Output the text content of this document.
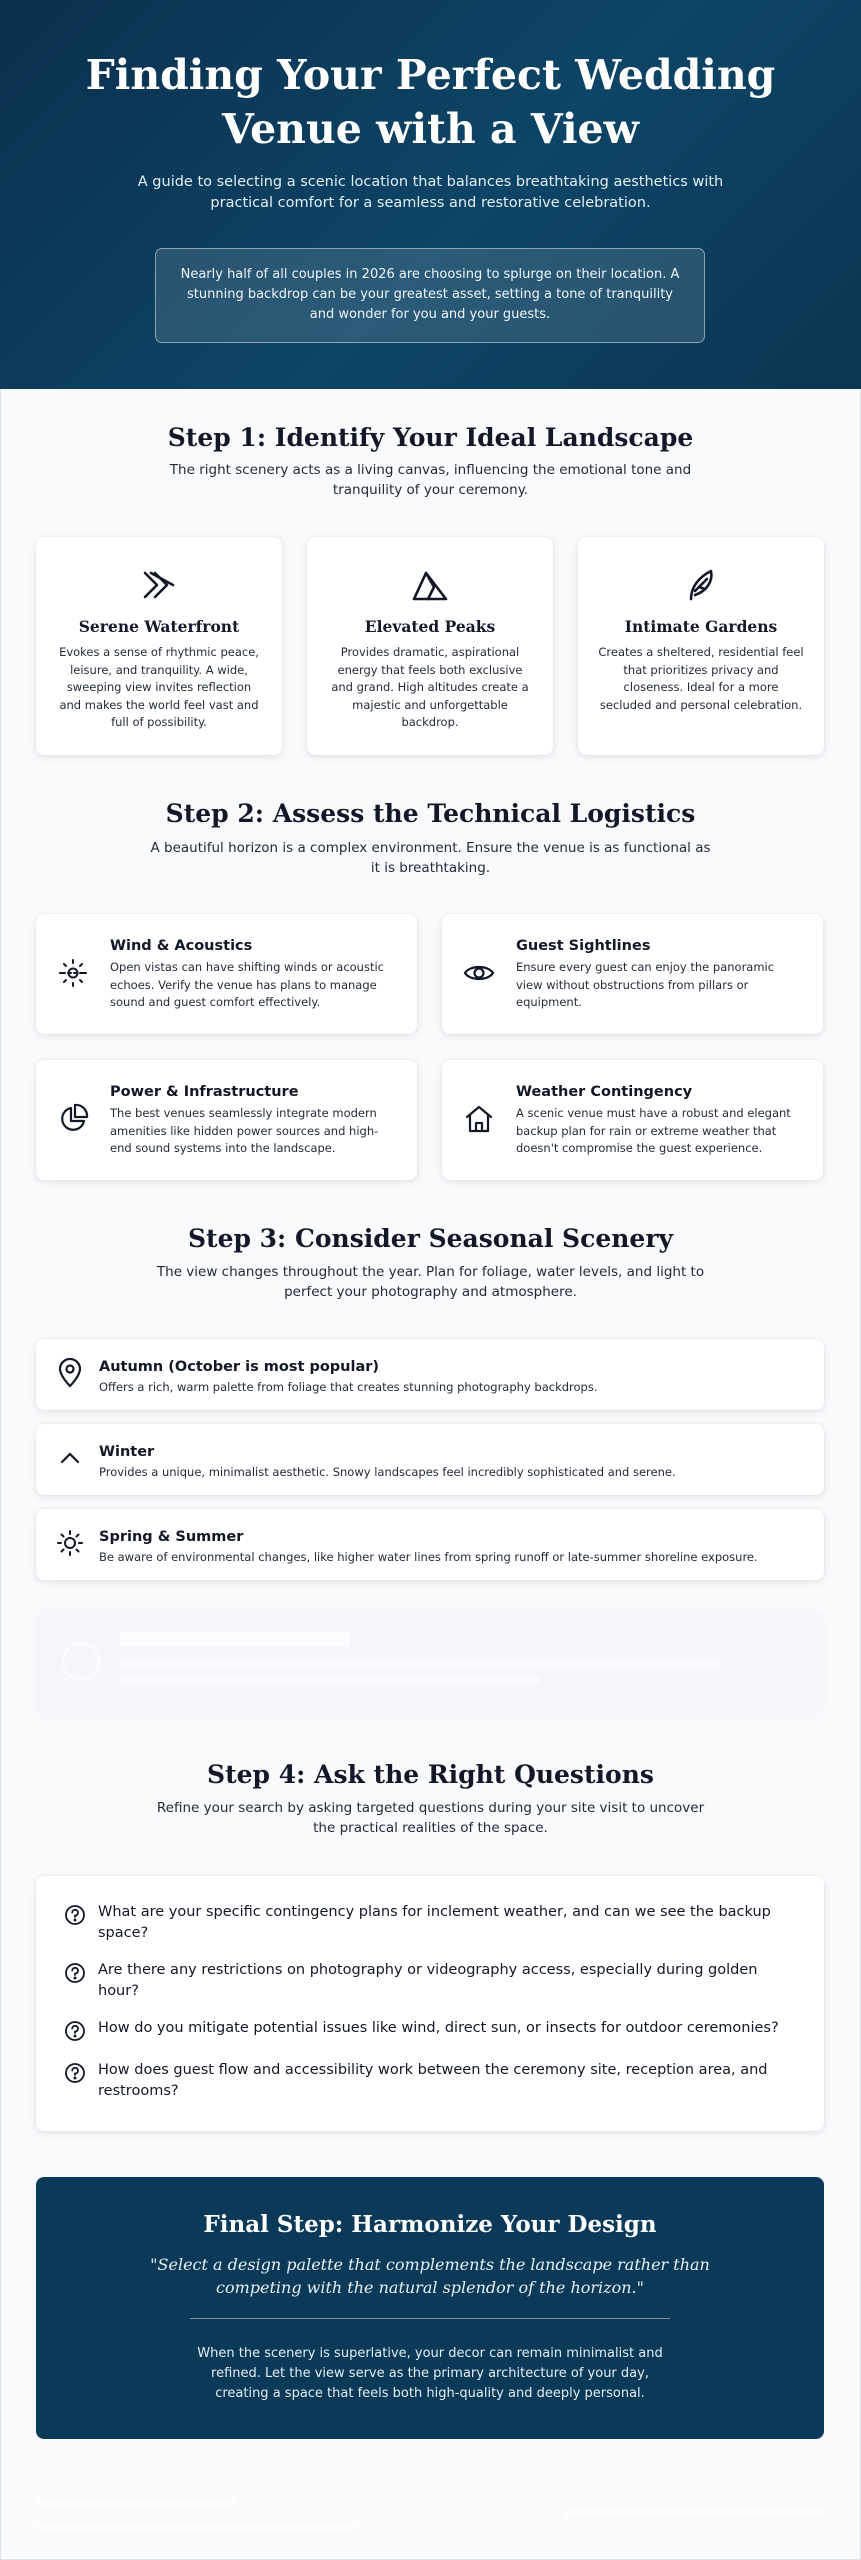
Finding Your Perfect Wedding Venue with a View

A guide to selecting a scenic location that balances breathtaking aesthetics with practical comfort for a seamless and restorative celebration.

Nearly half of all couples in 2026 are choosing to splurge on their location. A stunning backdrop can be your greatest asset, setting a tone of tranquility and wonder for you and your guests.
Step 1: Identify Your Ideal Landscape

The right scenery acts as a living canvas, influencing the emotional tone and tranquility of your ceremony.

Serene Waterfront

Evokes a sense of rhythmic peace, leisure, and tranquility. A wide, sweeping view invites reflection and makes the world feel vast and full of possibility.

Elevated Peaks

Provides dramatic, aspirational energy that feels both exclusive and grand. High altitudes create a majestic and unforgettable backdrop.

Intimate Gardens

Creates a sheltered, residential feel that prioritizes privacy and closeness. Ideal for a more secluded and personal celebration.

Step 2: Assess the Technical Logistics

A beautiful horizon is a complex environment. Ensure the venue is as functional as it is breathtaking.

Wind & Acoustics

Open vistas can have shifting winds or acoustic echoes. Verify the venue has plans to manage sound and guest comfort effectively.

Guest Sightlines

Ensure every guest can enjoy the panoramic view without obstructions from pillars or equipment.

Power & Infrastructure

The best venues seamlessly integrate modern amenities like hidden power sources and high-end sound systems into the landscape.

Weather Contingency

A scenic venue must have a robust and elegant backup plan for rain or extreme weather that doesn't compromise the guest experience.

Step 3: Consider Seasonal Scenery

The view changes throughout the year. Plan for foliage, water levels, and light to perfect your photography and atmosphere.

Autumn (October is most popular)

Offers a rich, warm palette from foliage that creates stunning photography backdrops.

Winter

Provides a unique, minimalist aesthetic. Snowy landscapes feel incredibly sophisticated and serene.

Spring & Summer

Be aware of environmental changes, like higher water lines from spring runoff or late-summer shoreline exposure.

Step 4: Ask the Right Questions

Refine your search by asking targeted questions during your site visit to uncover the practical realities of the space.

What are your specific contingency plans for inclement weather, and can we see the backup space?
Are there any restrictions on photography or videography access, especially during golden hour?
How do you mitigate potential issues like wind, direct sun, or insects for outdoor ceremonies?
How does guest flow and accessibility work between the ceremony site, reception area, and restrooms?
Final Step: Harmonize Your Design

"Select a design palette that complements the landscape rather than competing with the natural splendor of the horizon."

When the scenery is superlative, your decor can remain minimalist and refined. Let the view serve as the primary architecture of your day, creating a space that feels both high-quality and deeply personal.
